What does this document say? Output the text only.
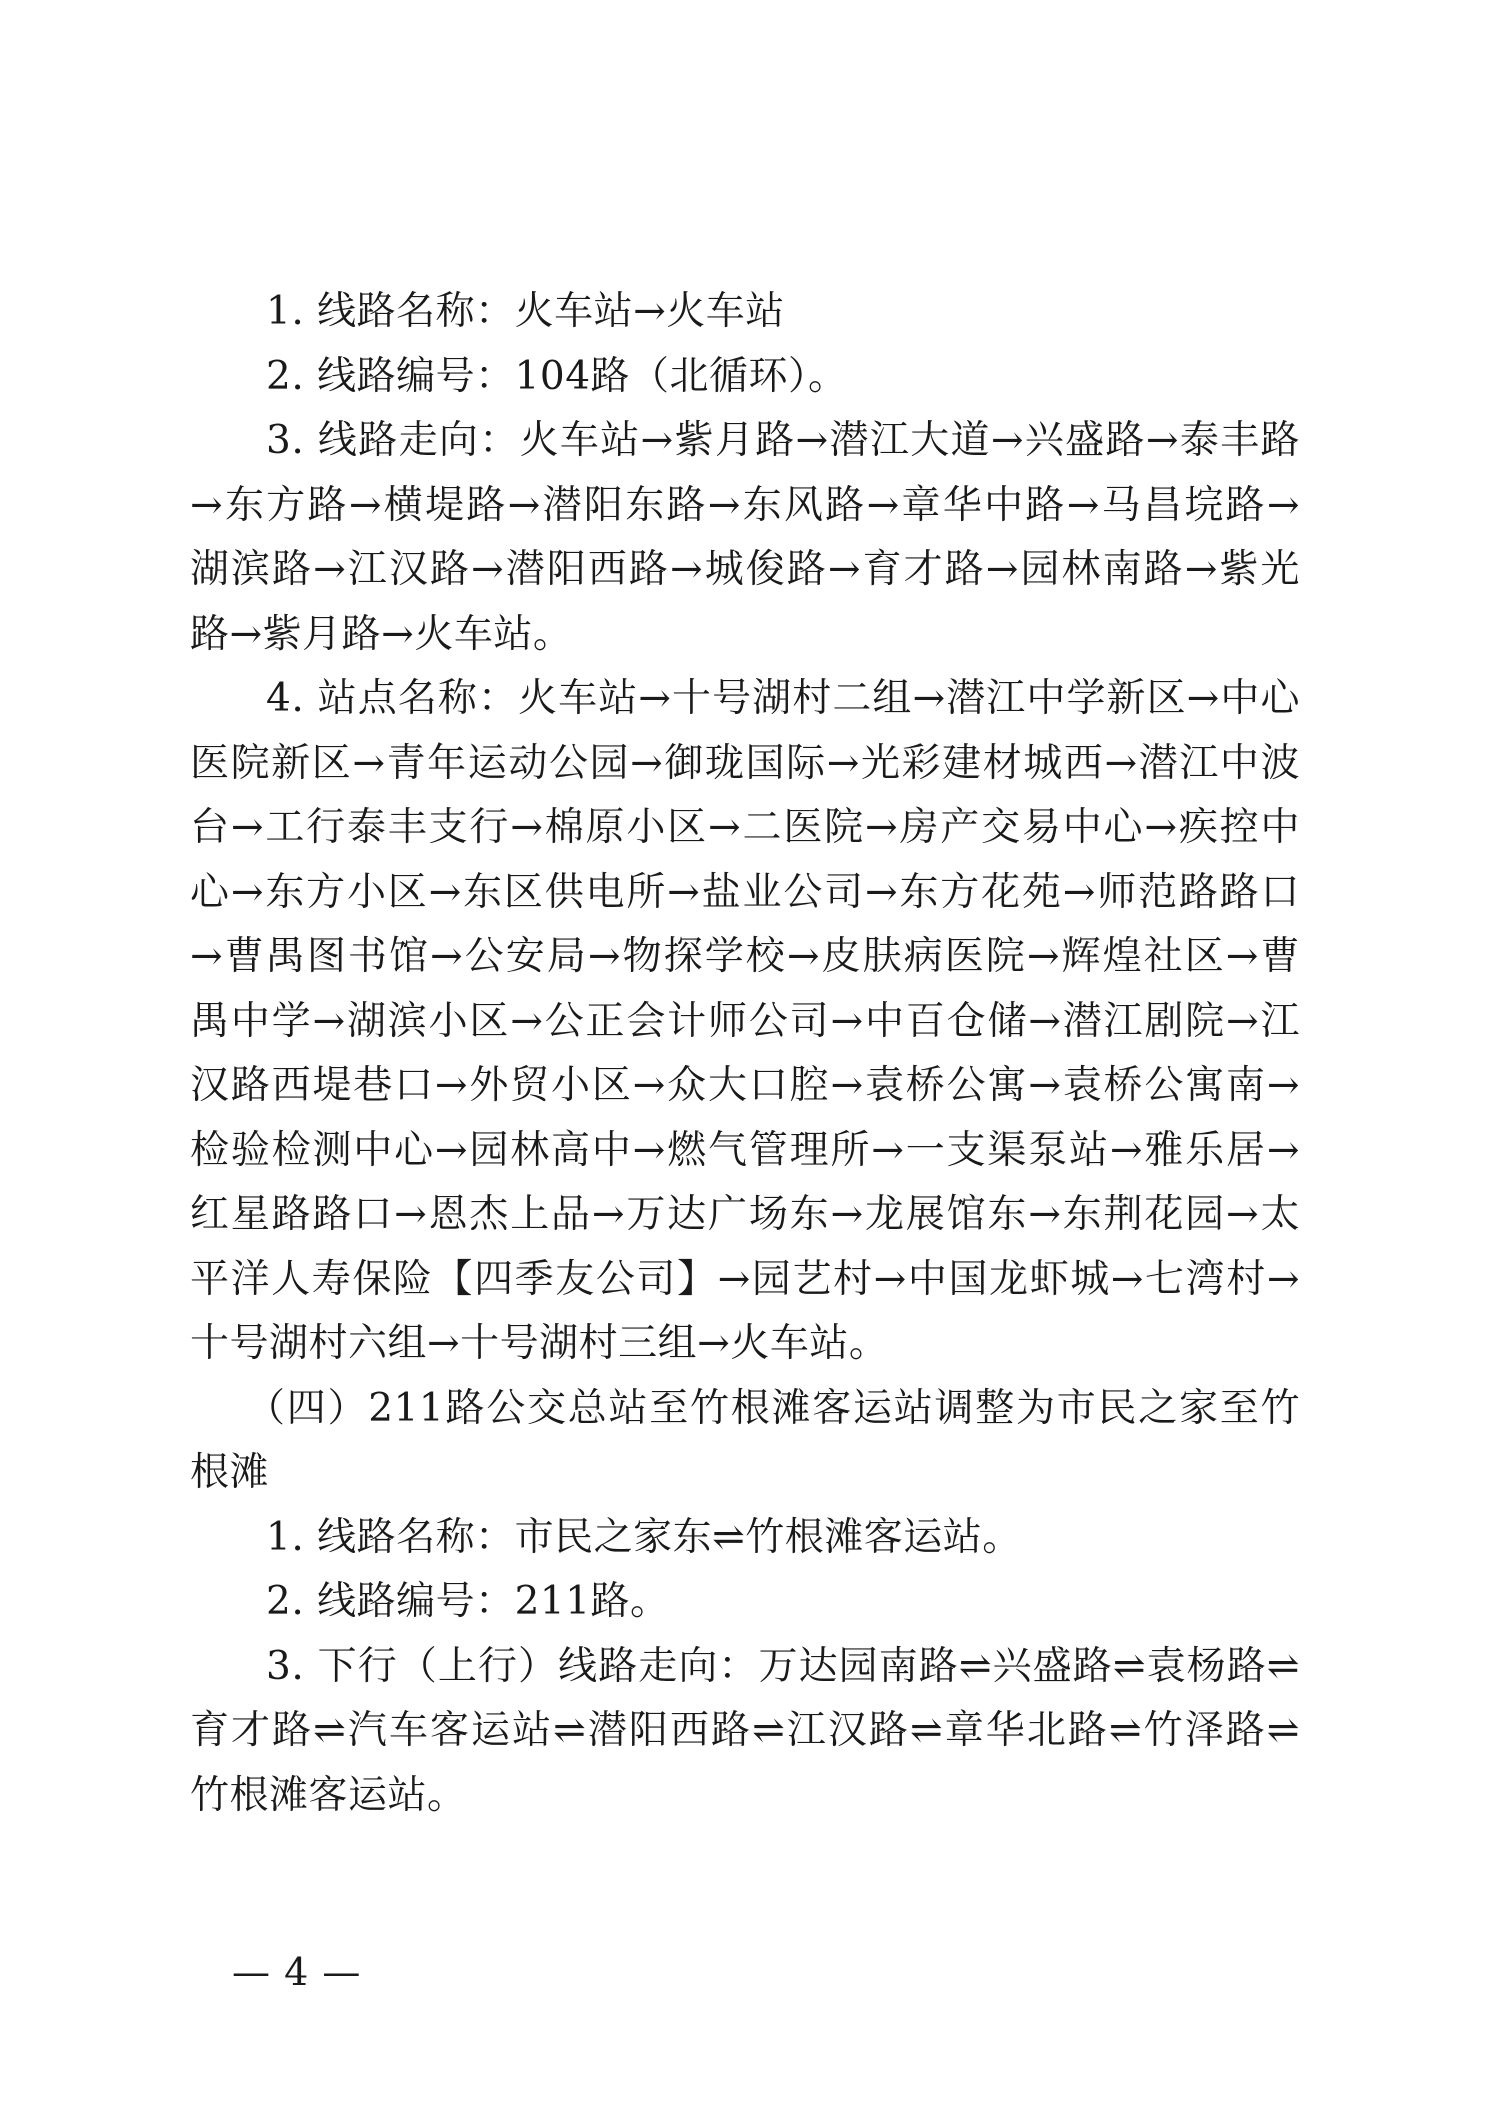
1. 线路名称：火车站→火车站
2. 线路编号：104路（北循环）。
3. 线路走向：火车站→紫月路→潜江大道→兴盛路→泰丰路
→东方路→横堤路→潜阳东路→东风路→章华中路→马昌垸路→
湖滨路→江汉路→潜阳西路→城俊路→育才路→园林南路→紫光
路→紫月路→火车站。
4. 站点名称：火车站→十号湖村二组→潜江中学新区→中心
医院新区→青年运动公园→御珑国际→光彩建材城西→潜江中波
台→工行泰丰支行→棉原小区→二医院→房产交易中心→疾控中
心→东方小区→东区供电所→盐业公司→东方花苑→师范路路口
→曹禺图书馆→公安局→物探学校→皮肤病医院→辉煌社区→曹
禺中学→湖滨小区→公正会计师公司→中百仓储→潜江剧院→江
汉路西堤巷口→外贸小区→众大口腔→袁桥公寓→袁桥公寓南→
检验检测中心→园林高中→燃气管理所→一支渠泵站→雅乐居→
红星路路口→恩杰上品→万达广场东→龙展馆东→东荆花园→太
平洋人寿保险【四季友公司】→园艺村→中国龙虾城→七湾村→
十号湖村六组→十号湖村三组→火车站。
（四）211路公交总站至竹根滩客运站调整为市民之家至竹
根滩
1. 线路名称：市民之家东⇌竹根滩客运站。
2. 线路编号：211路。
3. 下行（上行）线路走向：万达园南路⇌兴盛路⇌袁杨路⇌
育才路⇌汽车客运站⇌潜阳西路⇌江汉路⇌章华北路⇌竹泽路⇌
竹根滩客运站。
— 4 —
